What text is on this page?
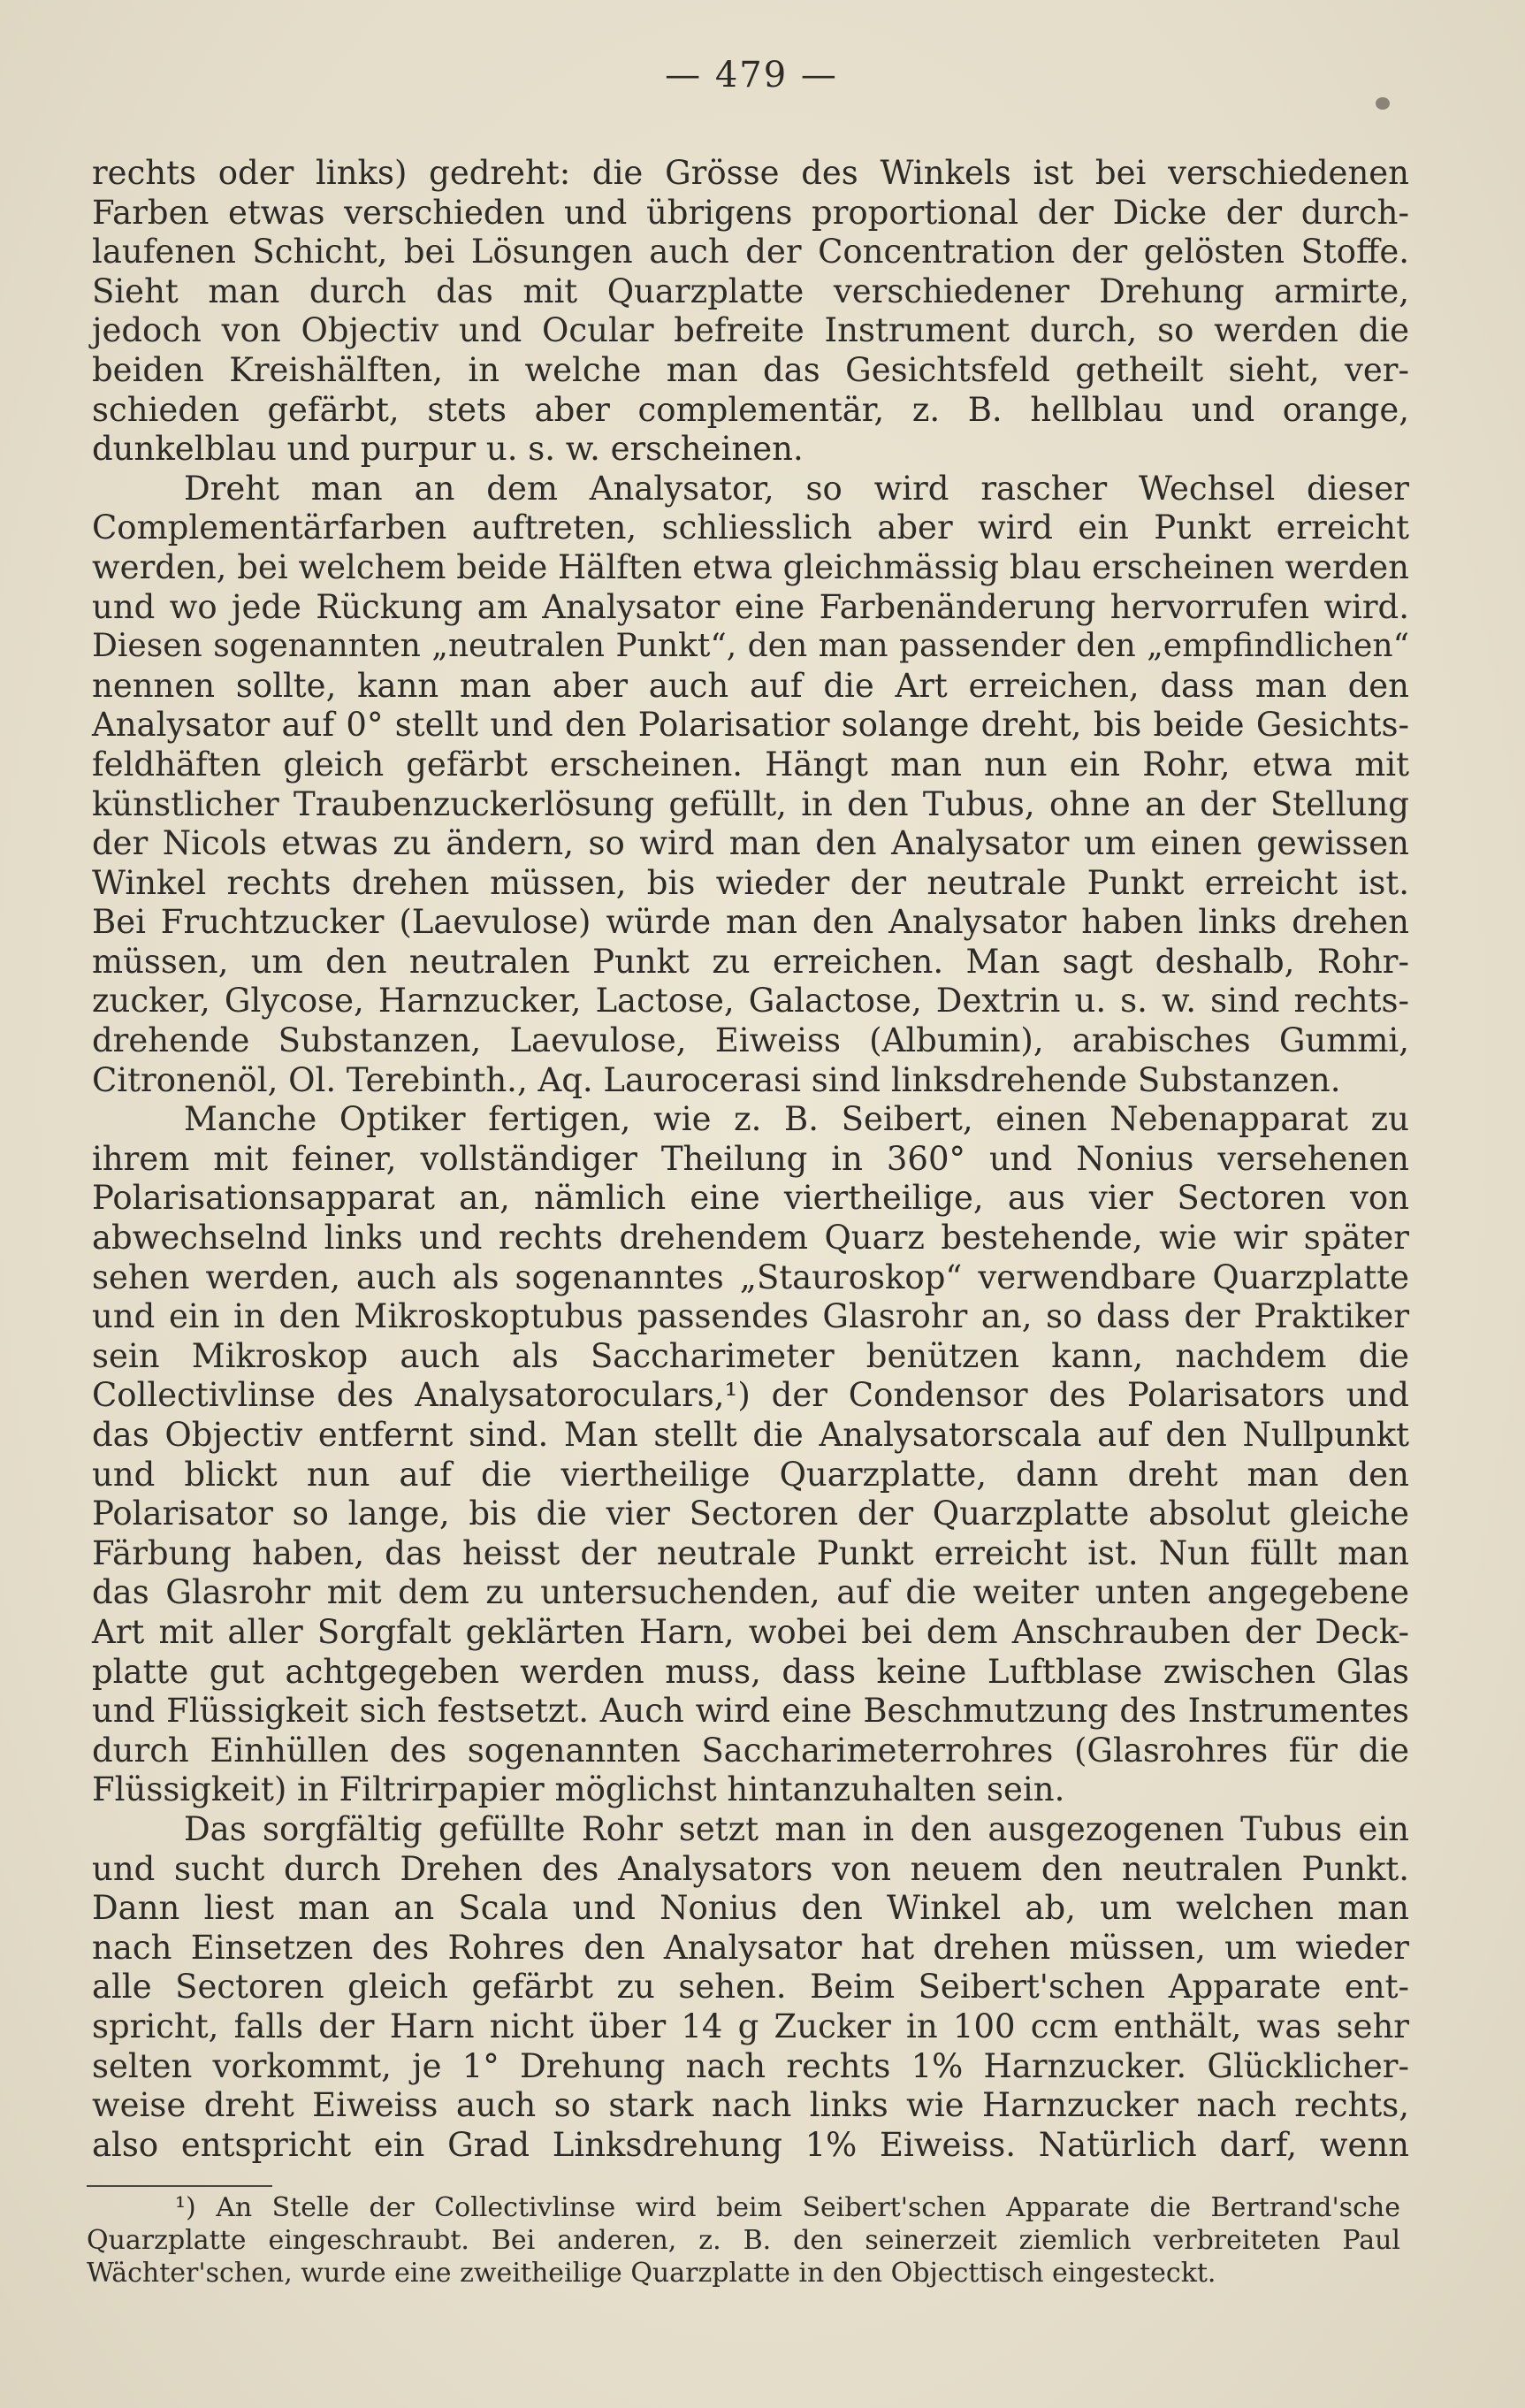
— 479 —
rechts oder links) gedreht: die Grösse des Winkels ist bei verschiedenen
Farben etwas verschieden und übrigens proportional der Dicke der durch-
laufenen Schicht, bei Lösungen auch der Concentration der gelösten Stoffe.
Sieht man durch das mit Quarzplatte verschiedener Drehung armirte,
jedoch von Objectiv und Ocular befreite Instrument durch, so werden die
beiden Kreishälften, in welche man das Gesichtsfeld getheilt sieht, ver-
schieden gefärbt, stets aber complementär, z. B. hellblau und orange,
dunkelblau und purpur u. s. w. erscheinen.
Dreht man an dem Analysator, so wird rascher Wechsel dieser
Complementärfarben auftreten, schliesslich aber wird ein Punkt erreicht
werden, bei welchem beide Hälften etwa gleichmässig blau erscheinen werden
und wo jede Rückung am Analysator eine Farbenänderung hervorrufen wird.
Diesen sogenannten „neutralen Punkt“, den man passender den „empfindlichen“
nennen sollte, kann man aber auch auf die Art erreichen, dass man den
Analysator auf 0° stellt und den Polarisatior solange dreht, bis beide Gesichts-
feldhäften gleich gefärbt erscheinen. Hängt man nun ein Rohr, etwa mit
künstlicher Traubenzuckerlösung gefüllt, in den Tubus, ohne an der Stellung
der Nicols etwas zu ändern, so wird man den Analysator um einen gewissen
Winkel rechts drehen müssen, bis wieder der neutrale Punkt erreicht ist.
Bei Fruchtzucker (Laevulose) würde man den Analysator haben links drehen
müssen, um den neutralen Punkt zu erreichen. Man sagt deshalb, Rohr-
zucker, Glycose, Harnzucker, Lactose, Galactose, Dextrin u. s. w. sind rechts-
drehende Substanzen, Laevulose, Eiweiss (Albumin), arabisches Gummi,
Citronenöl, Ol. Terebinth., Aq. Laurocerasi sind linksdrehende Substanzen.
Manche Optiker fertigen, wie z. B. Seibert, einen Nebenapparat zu
ihrem mit feiner, vollständiger Theilung in 360° und Nonius versehenen
Polarisationsapparat an, nämlich eine viertheilige, aus vier Sectoren von
abwechselnd links und rechts drehendem Quarz bestehende, wie wir später
sehen werden, auch als sogenanntes „Stauroskop“ verwendbare Quarzplatte
und ein in den Mikroskoptubus passendes Glasrohr an, so dass der Praktiker
sein Mikroskop auch als Saccharimeter benützen kann, nachdem die
Collectivlinse des Analysatoroculars,¹) der Condensor des Polarisators und
das Objectiv entfernt sind. Man stellt die Analysatorscala auf den Nullpunkt
und blickt nun auf die viertheilige Quarzplatte, dann dreht man den
Polarisator so lange, bis die vier Sectoren der Quarzplatte absolut gleiche
Färbung haben, das heisst der neutrale Punkt erreicht ist. Nun füllt man
das Glasrohr mit dem zu untersuchenden, auf die weiter unten angegebene
Art mit aller Sorgfalt geklärten Harn, wobei bei dem Anschrauben der Deck-
platte gut achtgegeben werden muss, dass keine Luftblase zwischen Glas
und Flüssigkeit sich festsetzt. Auch wird eine Beschmutzung des Instrumentes
durch Einhüllen des sogenannten Saccharimeterrohres (Glasrohres für die
Flüssigkeit) in Filtrirpapier möglichst hintanzuhalten sein.
Das sorgfältig gefüllte Rohr setzt man in den ausgezogenen Tubus ein
und sucht durch Drehen des Analysators von neuem den neutralen Punkt.
Dann liest man an Scala und Nonius den Winkel ab, um welchen man
nach Einsetzen des Rohres den Analysator hat drehen müssen, um wieder
alle Sectoren gleich gefärbt zu sehen. Beim Seibert'schen Apparate ent-
spricht, falls der Harn nicht über 14 g Zucker in 100 ccm enthält, was sehr
selten vorkommt, je 1° Drehung nach rechts 1% Harnzucker. Glücklicher-
weise dreht Eiweiss auch so stark nach links wie Harnzucker nach rechts,
also entspricht ein Grad Linksdrehung 1% Eiweiss. Natürlich darf, wenn
¹) An Stelle der Collectivlinse wird beim Seibert'schen Apparate die Bertrand'sche
Quarzplatte eingeschraubt. Bei anderen, z. B. den seinerzeit ziemlich verbreiteten Paul
Wächter'schen, wurde eine zweitheilige Quarzplatte in den Objecttisch eingesteckt.
